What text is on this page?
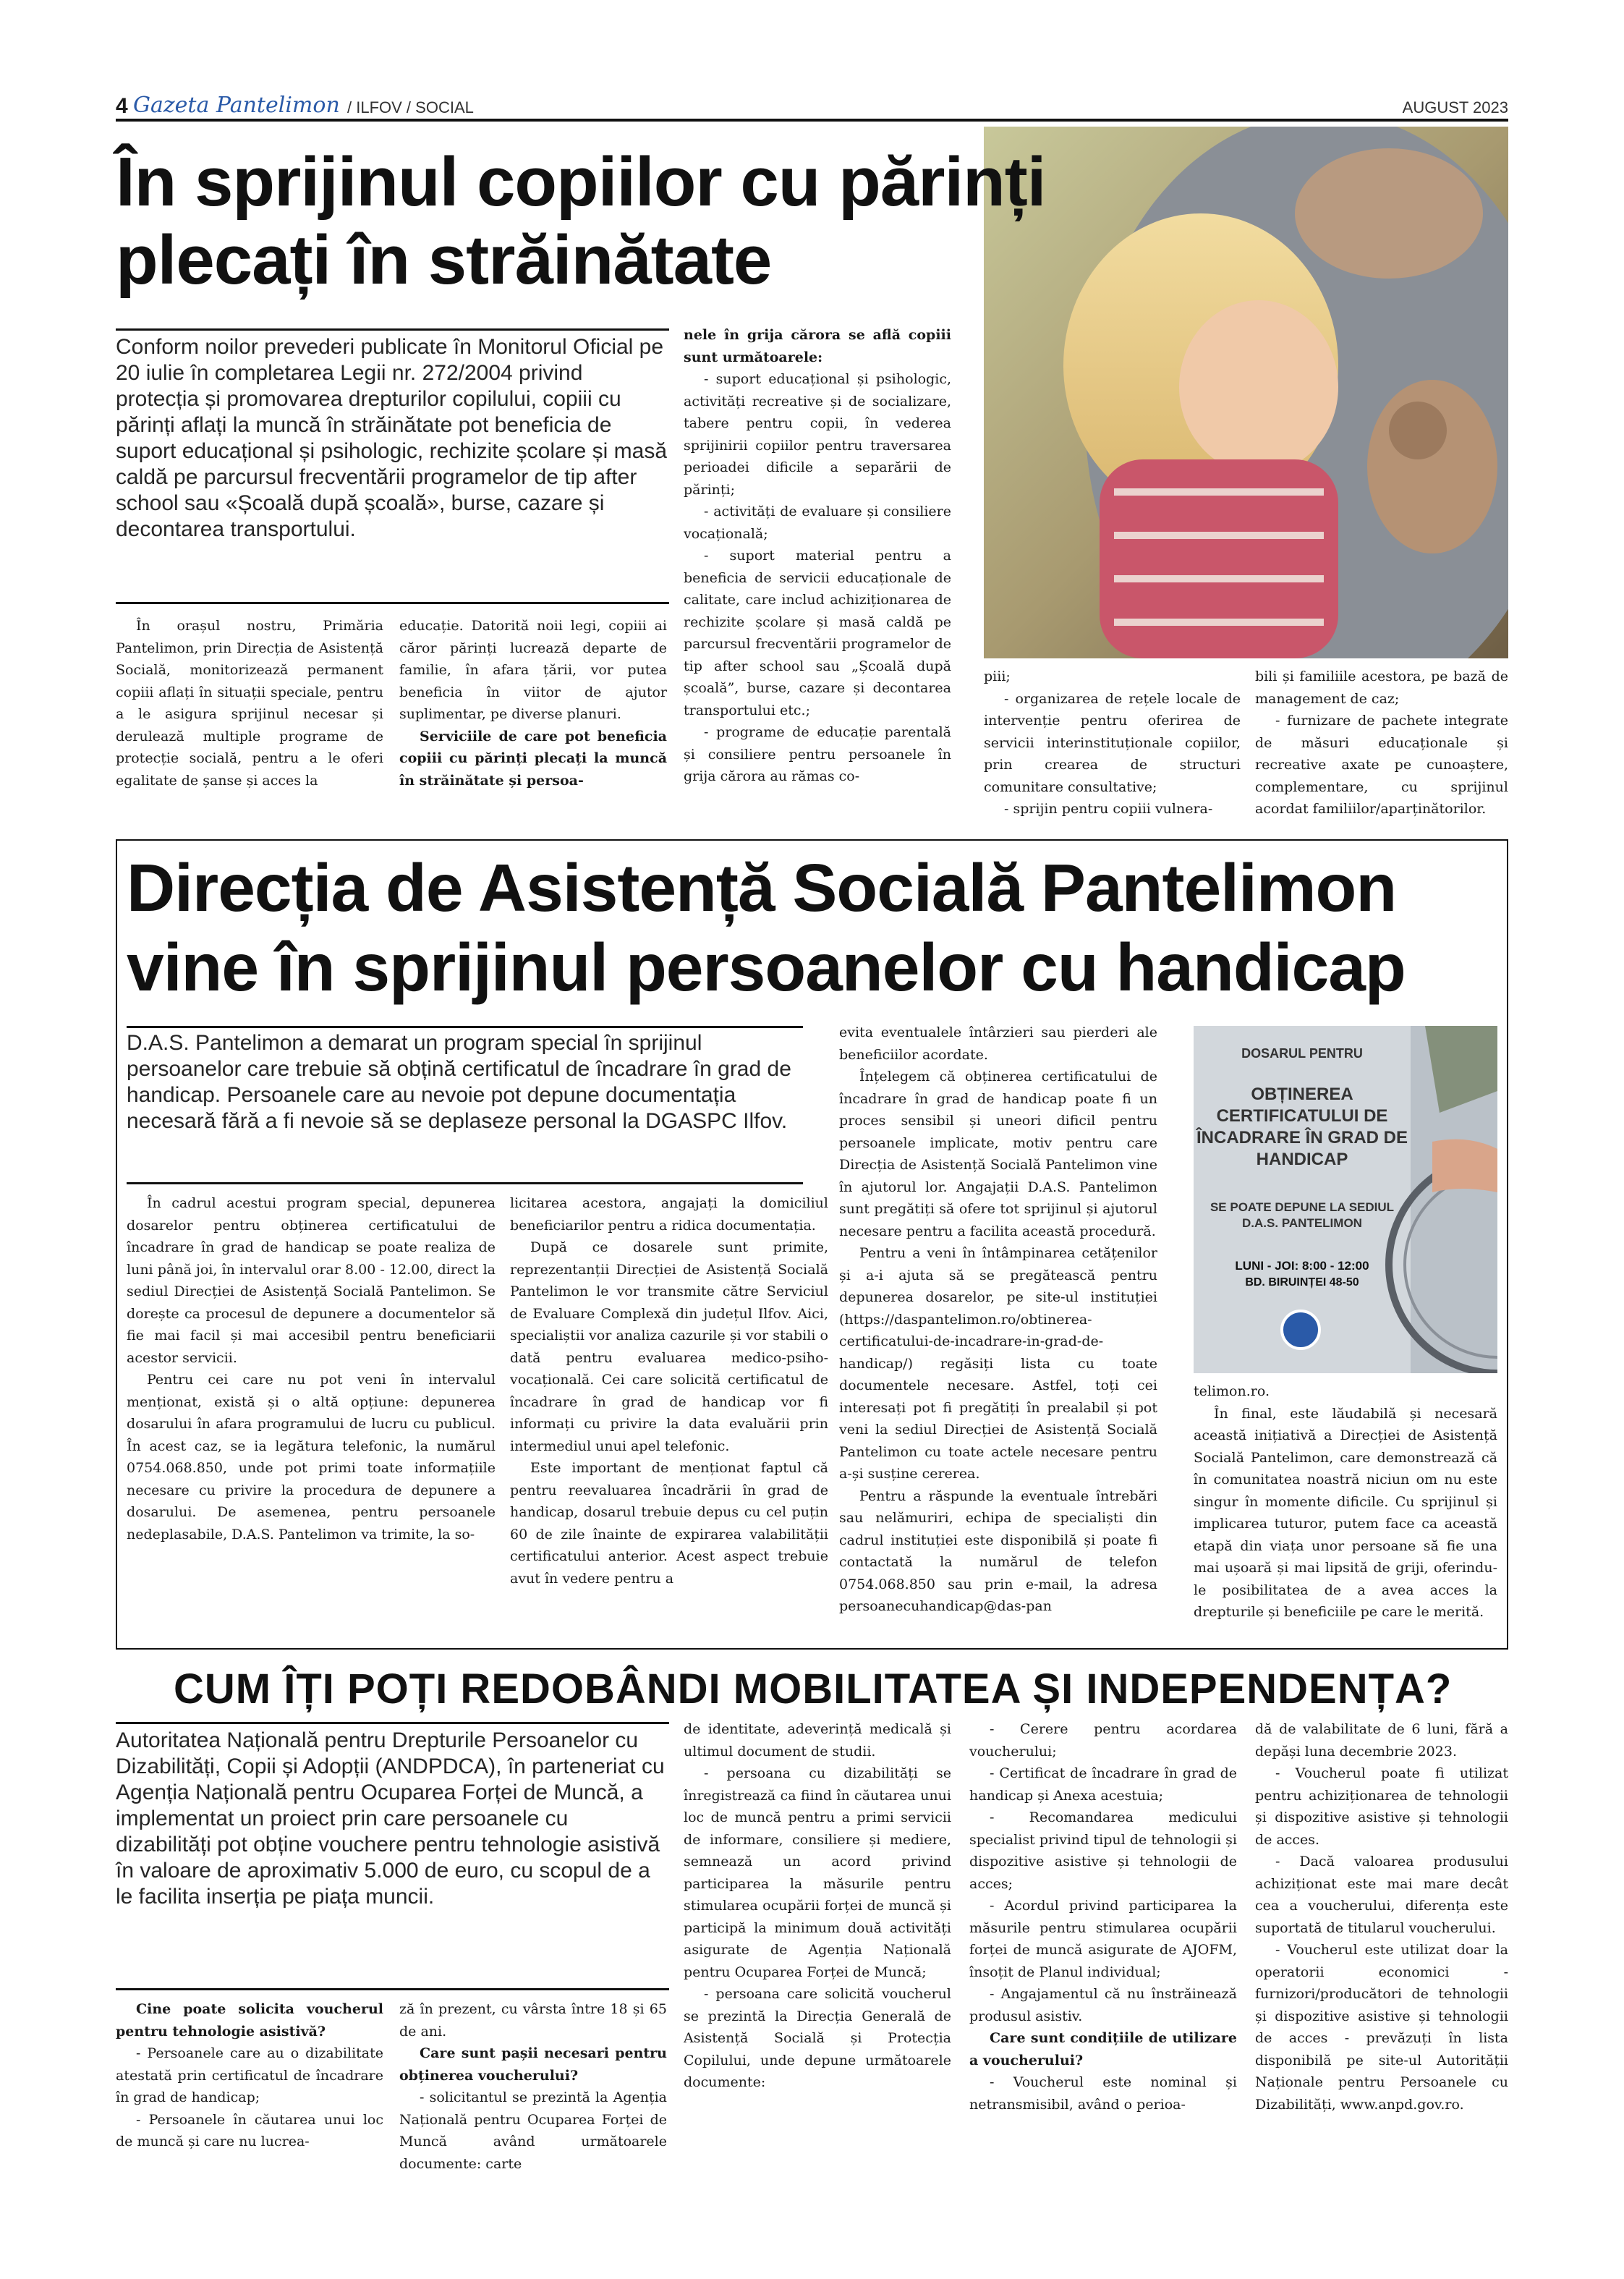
4 Gazeta Pantelimon / ILFOV / SOCIAL	AUGUST 2023
În sprijinul copiilor cu părinți
plecați în străinătate

Conform noilor prevederi publicate în Monitorul Oficial pe 20 iulie în completarea Legii nr. 272/2004 privind protecția și promovarea drepturilor copilului, copiii cu părinți aflați la muncă în străinătate pot beneficia de suport educațional și psihologic, rechizite școlare și masă caldă pe parcursul frecventării programelor de tip after school sau «Școală după școală», burse, cazare și decontarea transportului.

În orașul nostru, Primăria Pantelimon, prin Direcția de Asistență Socială, monitorizează permanent copiii aflați în situații speciale, pentru a le asigura sprijinul necesar și derulează multiple programe de protecție socială, pentru a le oferi egalitate de șanse și acces la

educație. Datorită noii legi, copiii ai căror părinți lucrează departe de familie, în afara țării, vor putea beneficia în viitor de ajutor suplimentar, pe diverse planuri.

Serviciile de care pot beneficia copiii cu părinți plecați la muncă în străinătate și persoa-

nele în grija cărora se află copiii sunt următoarele:

- suport educațional și psihologic, activități recreative și de socializare, tabere pentru copii, în vederea sprijinirii copiilor pentru traversarea perioadei dificile a separării de părinți;

- activități de evaluare și consiliere vocațională;

- suport material pentru a beneficia de servicii educaționale de calitate, care includ achiziționarea de rechizite școlare și masă caldă pe parcursul frecventării programelor de tip after school sau „Școală după școală”, burse, cazare și decontarea transportului etc.;

- programe de educație parentală și consiliere pentru persoanele în grija cărora au rămas co-

piii;

- organizarea de rețele locale de intervenție pentru oferirea de servicii interinstituționale copiilor, prin crearea de structuri comunitare consultative;

- sprijin pentru copiii vulnera-

bili și familiile acestora, pe bază de management de caz;

- furnizare de pachete integrate de măsuri educaționale și recreative axate pe cunoaștere, complementare, cu sprijinul acordat familiilor/aparținătorilor.

Direcția de Asistență Socială Pantelimon
vine în sprijinul persoanelor cu handicap

D.A.S. Pantelimon a demarat un program special în sprijinul persoanelor care trebuie să obțină certificatul de încadrare în grad de handicap. Persoanele care au nevoie pot depune documentația necesară fără a fi nevoie să se deplaseze personal la DGASPC Ilfov.

În cadrul acestui program special, depunerea dosarelor pentru obținerea certificatului de încadrare în grad de handicap se poate realiza de luni până joi, în intervalul orar 8.00 - 12.00, direct la sediul Direcției de Asistență Socială Pantelimon. Se dorește ca procesul de depunere a documentelor să fie mai facil și mai accesibil pentru beneficiarii acestor servicii.

Pentru cei care nu pot veni în intervalul menționat, există și o altă opțiune: depunerea dosarului în afara programului de lucru cu publicul. În acest caz, se ia legătura telefonic, la numărul 0754.068.850, unde pot primi toate informațiile necesare cu privire la procedura de depunere a dosarului. De asemenea, pentru persoanele nedeplasabile, D.A.S. Pantelimon va trimite, la so-

licitarea acestora, angajați la domiciliul beneficiarilor pentru a ridica documentația.

După ce dosarele sunt primite, reprezentanții Direcției de Asistență Socială Pantelimon le vor transmite către Serviciul de Evaluare Complexă din județul Ilfov. Aici, specialiștii vor analiza cazurile și vor stabili o dată pentru evaluarea medico-psiho-vocațională. Cei care solicită certificatul de încadrare în grad de handicap vor fi informați cu privire la data evaluării prin intermediul unui apel telefonic.

Este important de menționat faptul că pentru reevaluarea încadrării în grad de handicap, dosarul trebuie depus cu cel puțin 60 de zile înainte de expirarea valabilității certificatului anterior. Acest aspect trebuie avut în vedere pentru a

evita eventualele întârzieri sau pierderi ale beneficiilor acordate.

Înțelegem că obținerea certificatului de încadrare în grad de handicap poate fi un proces sensibil și uneori dificil pentru persoanele implicate, motiv pentru care Direcția de Asistență Socială Pantelimon vine în ajutorul lor. Angajații D.A.S. Pantelimon sunt pregătiți să ofere tot sprijinul și ajutorul necesare pentru a facilita această procedură.

Pentru a veni în întâmpinarea cetățenilor și a-i ajuta să se pregătească pentru depunerea dosarelor, pe site-ul instituției (https://daspantelimon.ro/obtinerea-certificatului-de-incadrare-in-grad-de-handicap/) regăsiți lista cu toate documentele necesare. Astfel, toți cei interesați pot fi pregătiți în prealabil și pot veni la sediul Direcției de Asistență Socială Pantelimon cu toate actele necesare pentru a-și susține cererea.

Pentru a răspunde la eventuale întrebări sau nelămuriri, echipa de specialiști din cadrul instituției este disponibilă și poate fi contactată la numărul de telefon 0754.068.850 sau prin e-mail, la adresa persoanecuhandicap@das-pan

DOSARUL PENTRU
OBȚINEREA
CERTIFICATULUI DE
ÎNCADRARE ÎN GRAD DE
HANDICAP
SE POATE DEPUNE LA SEDIUL
D.A.S. PANTELIMON
LUNI - JOI: 8:00 - 12:00
BD. BIRUINȚEI 48-50

telimon.ro.

În final, este lăudabilă și necesară această inițiativă a Direcției de Asistență Socială Pantelimon, care demonstrează că în comunitatea noastră niciun om nu este singur în momente dificile. Cu sprijinul și implicarea tuturor, putem face ca această etapă din viața unor persoane să fie una mai ușoară și mai lipsită de griji, oferindu-le posibilitatea de a avea acces la drepturile și beneficiile pe care le merită.

CUM ÎȚI POȚI REDOBÂNDI MOBILITATEA ȘI INDEPENDENȚA?

Autoritatea Națională pentru Drepturile Persoanelor cu Dizabilități, Copii și Adopții (ANDPDCA), în parteneriat cu Agenția Națională pentru Ocuparea Forței de Muncă, a implementat un proiect prin care persoanele cu dizabilități pot obține vouchere pentru tehnologie asistivă în valoare de aproximativ 5.000 de euro, cu scopul de a le facilita inserția pe piața muncii.

Cine poate solicita voucherul pentru tehnologie asistivă?

- Persoanele care au o dizabilitate atestată prin certificatul de încadrare în grad de handicap;

- Persoanele în căutarea unui loc de muncă și care nu lucrea-

ză în prezent, cu vârsta între 18 și 65 de ani.

Care sunt pașii necesari pentru obținerea voucherului?

- solicitantul se prezintă la Agenția Națională pentru Ocuparea Forței de Muncă având următoarele documente: carte

de identitate, adeverință medicală și ultimul document de studii.

- persoana cu dizabilități se înregistrează ca fiind în căutarea unui loc de muncă pentru a primi servicii de informare, consiliere și mediere, semnează un acord privind participarea la măsurile pentru stimularea ocupării forței de muncă și participă la minimum două activități asigurate de Agenția Națională pentru Ocuparea Forței de Muncă;

- persoana care solicită voucherul se prezintă la Direcția Generală de Asistență Socială și Protecția Copilului, unde depune următoarele documente:

- Cerere pentru acordarea voucherului;

- Certificat de încadrare în grad de handicap și Anexa acestuia;

- Recomandarea medicului specialist privind tipul de tehnologii și dispozitive asistive și tehnologii de acces;

- Acordul privind participarea la măsurile pentru stimularea ocupării forței de muncă asigurate de AJOFM, însoțit de Planul individual;

- Angajamentul că nu înstrăinează produsul asistiv.

Care sunt condițiile de utilizare a voucherului?

- Voucherul este nominal și netransmisibil, având o perioa-

dă de valabilitate de 6 luni, fără a depăși luna decembrie 2023.

- Voucherul poate fi utilizat pentru achiziționarea de tehnologii și dispozitive asistive și tehnologii de acces.

- Dacă valoarea produsului achiziționat este mai mare decât cea a voucherului, diferența este suportată de titularul voucherului.

- Voucherul este utilizat doar la operatorii economici - furnizori/producători de tehnologii și dispozitive asistive și tehnologii de acces - prevăzuți în lista disponibilă pe site-ul Autorității Naționale pentru Persoanele cu Dizabilități, www.anpd.gov.ro.
